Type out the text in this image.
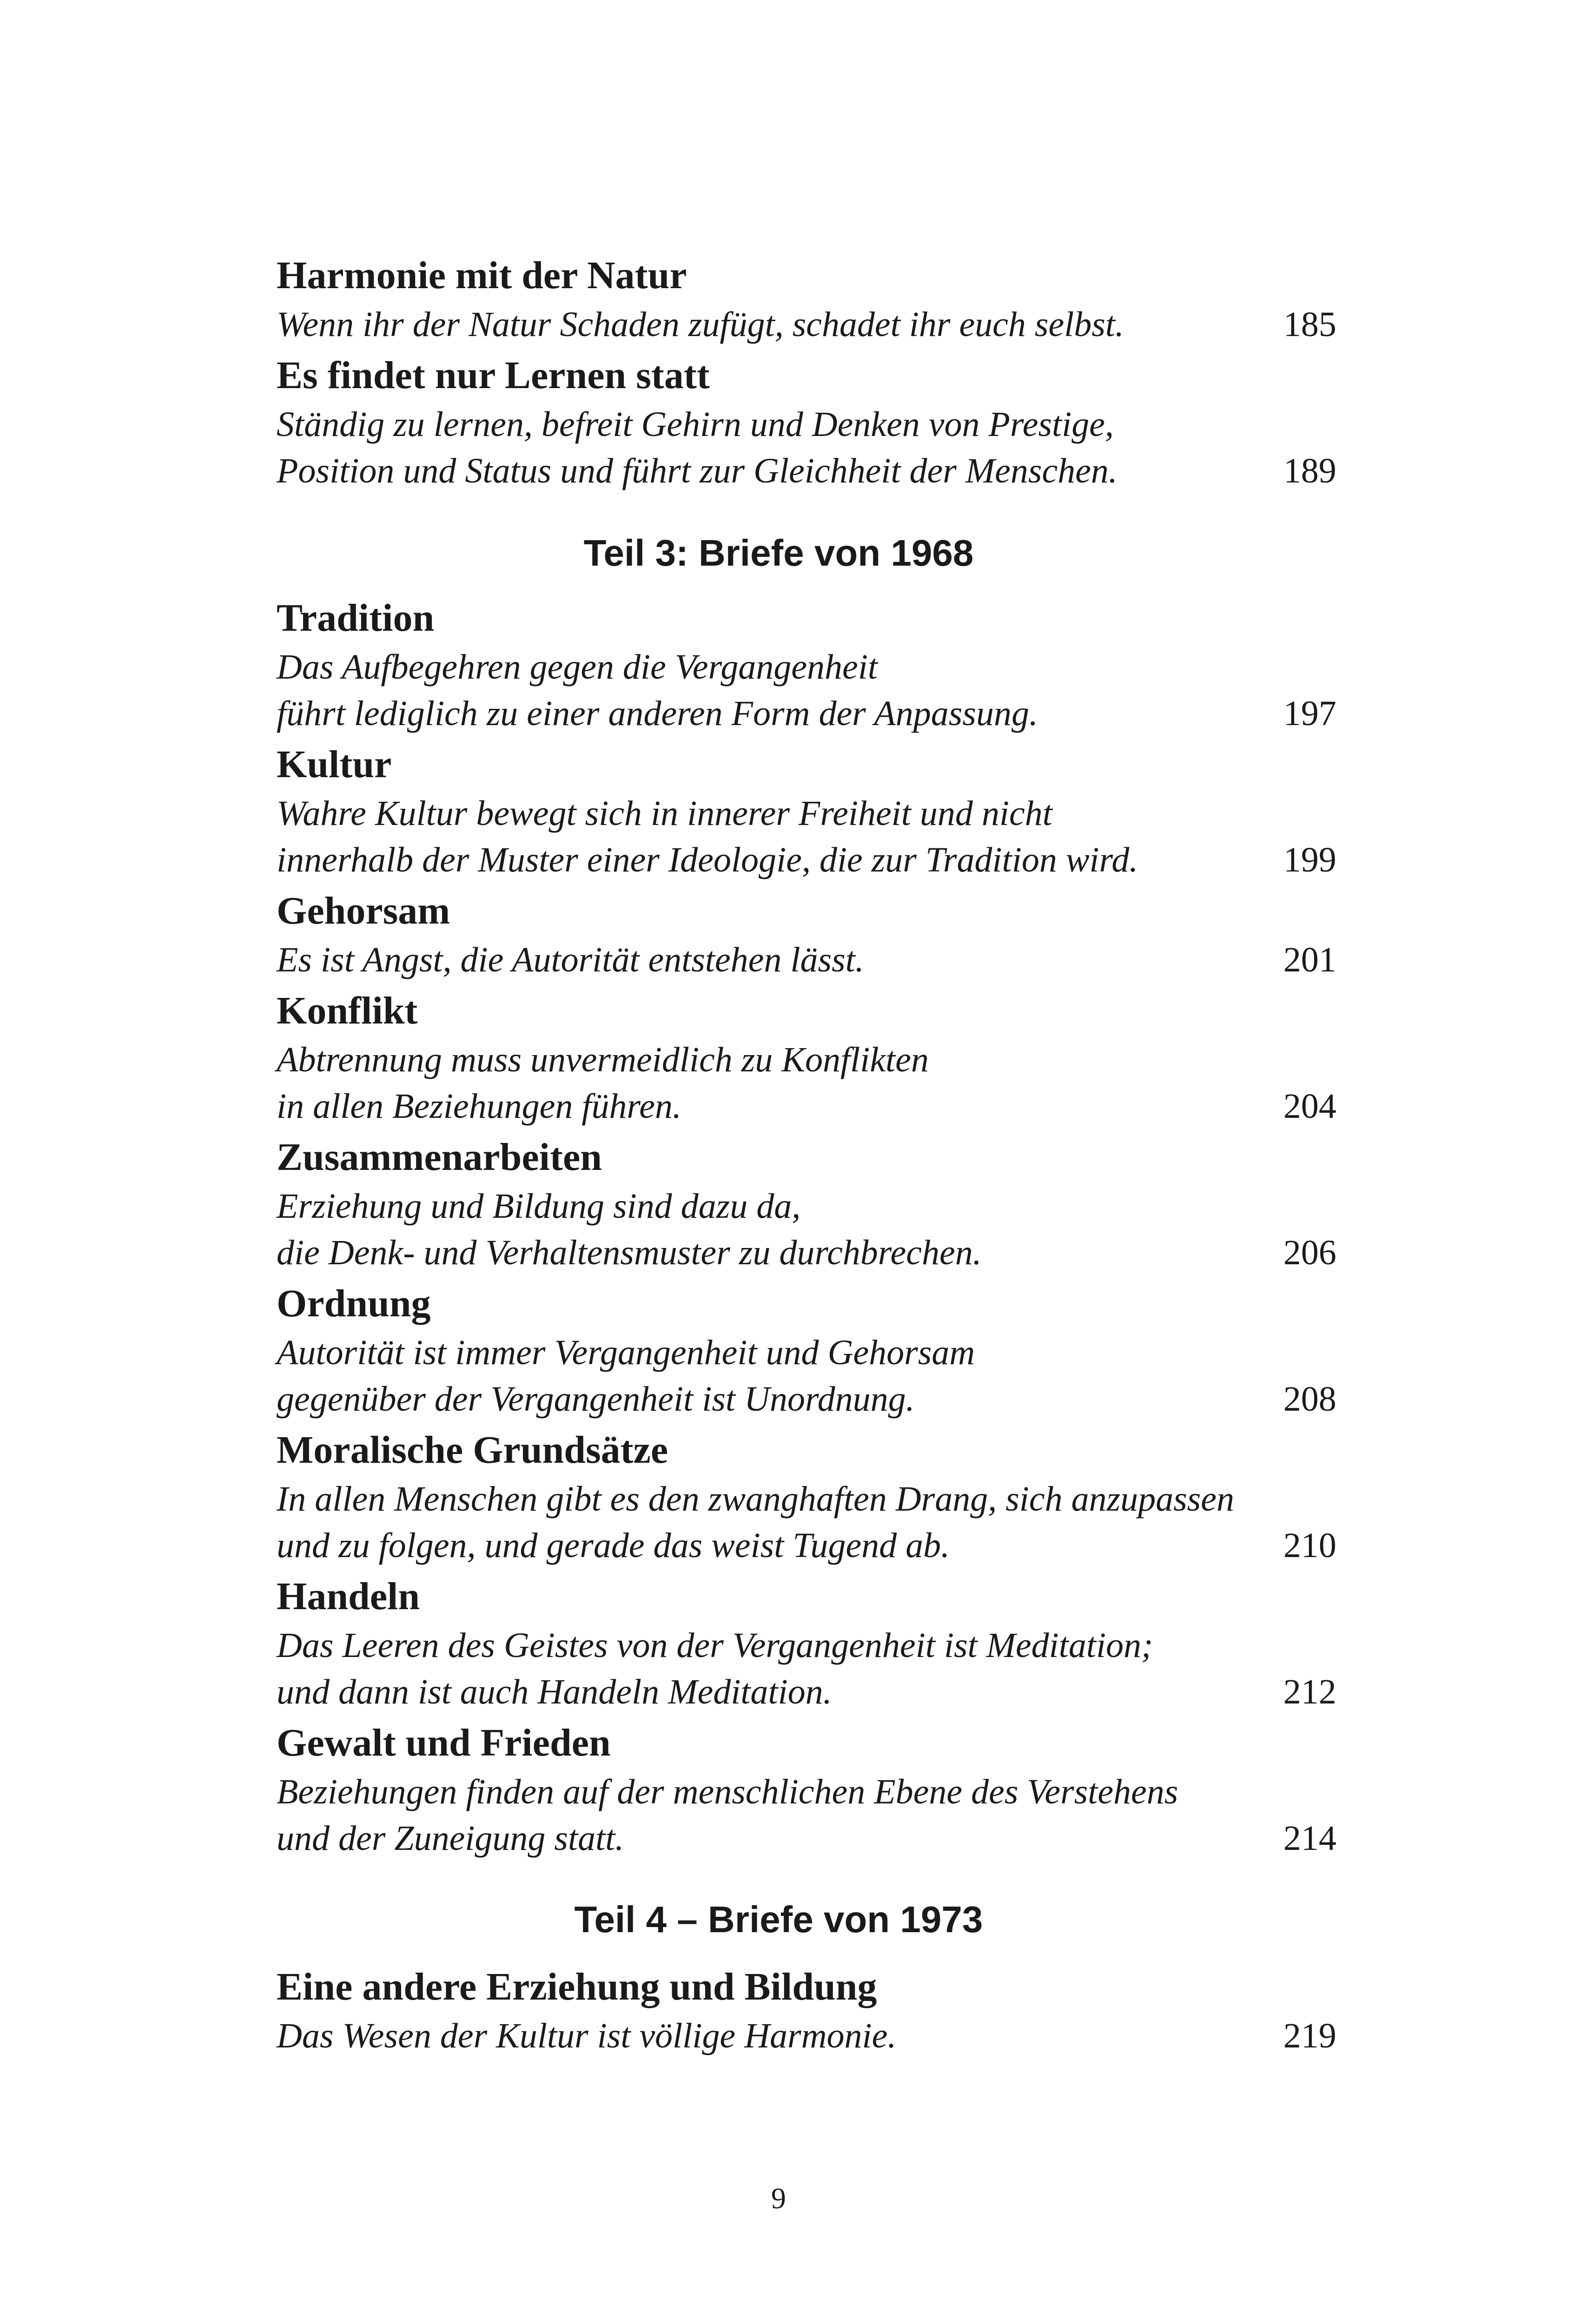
Harmonie mit der Natur
Wenn ihr der Natur Schaden zufügt, schadet ihr euch selbst.	185
Es findet nur Lernen statt
Ständig zu lernen, befreit Gehirn und Denken von Prestige,
Position und Status und führt zur Gleichheit der Menschen.	189
Teil 3: Briefe von 1968
Tradition
Das Aufbegehren gegen die Vergangenheit
führt lediglich zu einer anderen Form der Anpassung.	197
Kultur
Wahre Kultur bewegt sich in innerer Freiheit und nicht
innerhalb der Muster einer Ideologie, die zur Tradition wird.	199
Gehorsam
Es ist Angst, die Autorität entstehen lässt.	201
Konflikt
Abtrennung muss unvermeidlich zu Konflikten
in allen Beziehungen führen.	204
Zusammenarbeiten
Erziehung und Bildung sind dazu da,
die Denk- und Verhaltensmuster zu durchbrechen.	206
Ordnung
Autorität ist immer Vergangenheit und Gehorsam
gegenüber der Vergangenheit ist Unordnung.	208
Moralische Grundsätze
In allen Menschen gibt es den zwanghaften Drang, sich anzupassen
und zu folgen, und gerade das weist Tugend ab.	210
Handeln
Das Leeren des Geistes von der Vergangenheit ist Meditation;
und dann ist auch Handeln Meditation.	212
Gewalt und Frieden
Beziehungen finden auf der menschlichen Ebene des Verstehens
und der Zuneigung statt.	214
Teil 4 – Briefe von 1973
Eine andere Erziehung und Bildung
Das Wesen der Kultur ist völlige Harmonie.	219
9
